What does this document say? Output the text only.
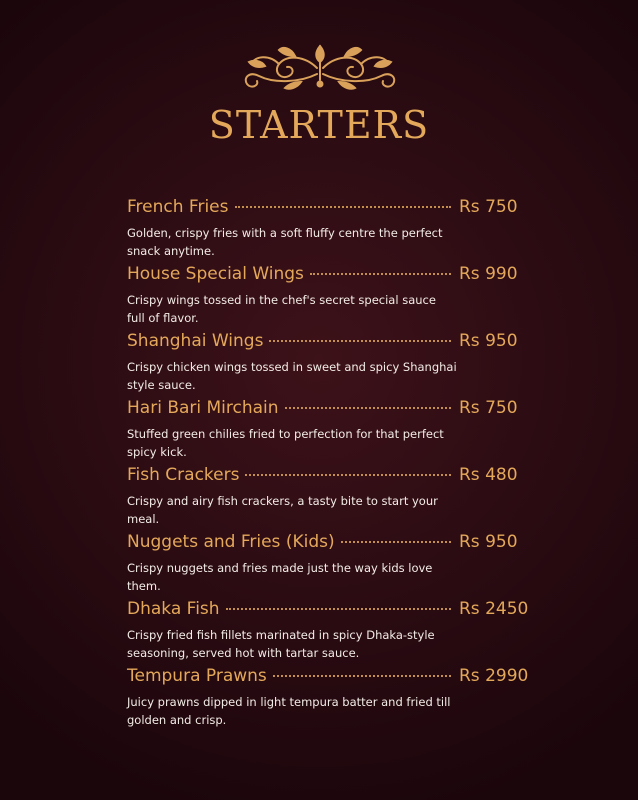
STARTERS
French Fries	Rs 750
Golden, crispy fries with a soft fluffy centre the perfect snack anytime.
House Special Wings	Rs 990
Crispy wings tossed in the chef's secret special sauce full of flavor.
Shanghai Wings	Rs 950
Crispy chicken wings tossed in sweet and spicy Shanghai style sauce.
Hari Bari Mirchain	Rs 750
Stuffed green chilies fried to perfection for that perfect spicy kick.
Fish Crackers	Rs 480
Crispy and airy fish crackers, a tasty bite to start your meal.
Nuggets and Fries (Kids)	Rs 950
Crispy nuggets and fries made just the way kids love them.
Dhaka Fish	Rs 2450
Crispy fried fish fillets marinated in spicy Dhaka-style seasoning, served hot with tartar sauce.
Tempura Prawns	Rs 2990
Juicy prawns dipped in light tempura batter and fried till golden and crisp.
